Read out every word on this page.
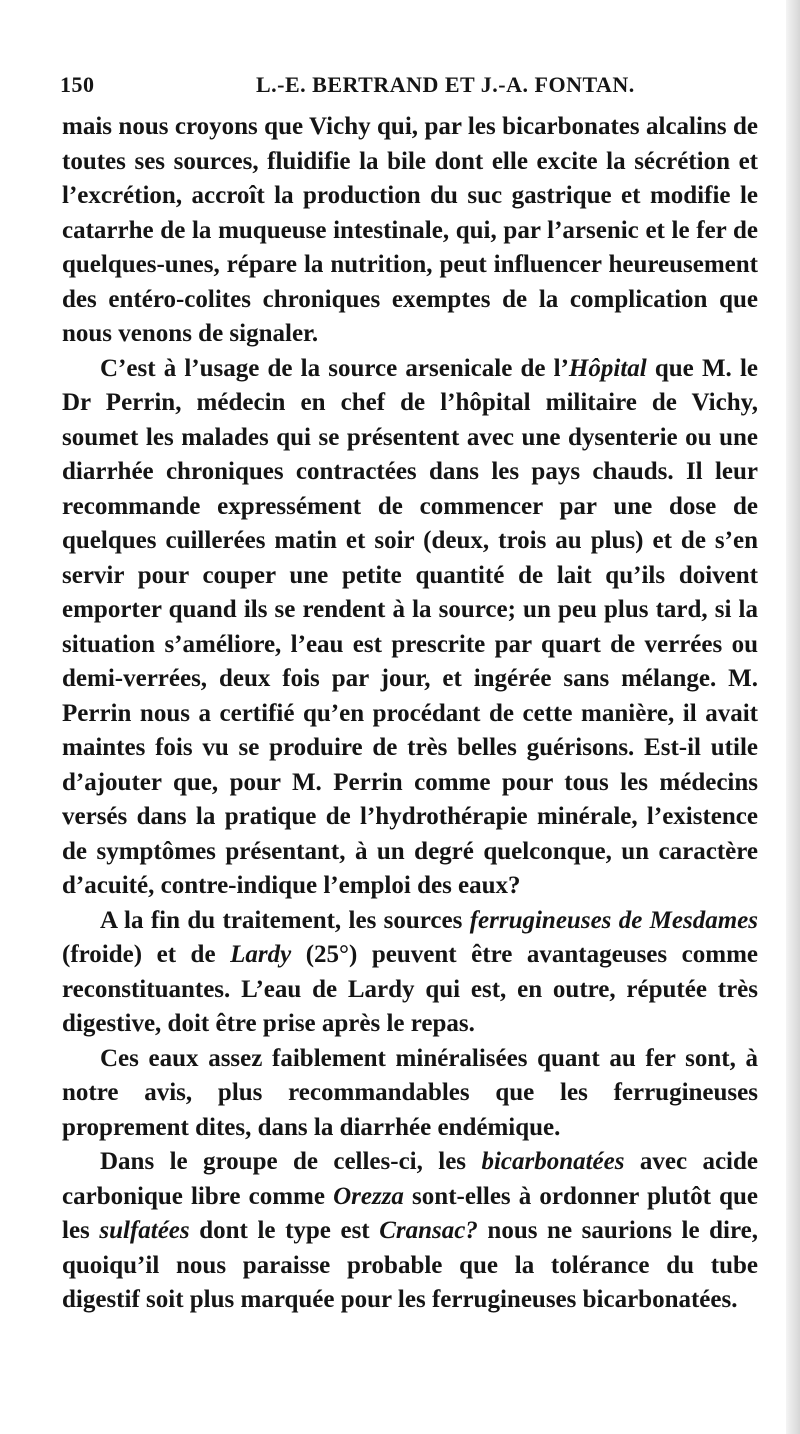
150	L.-E. BERTRAND ET J.-A. FONTAN.

mais nous croyons que Vichy qui, par les bicarbonates alcalins de toutes ses sources, fluidifie la bile dont elle excite la sécrétion et l’excrétion, accroît la production du suc gastrique et modifie le catarrhe de la muqueuse intestinale, qui, par l’arsenic et le fer de quelques-unes, répare la nutrition, peut influencer heureusement des entéro-colites chroniques exemptes de la complication que nous venons de signaler.

C’est à l’usage de la source arsenicale de l’Hôpital que M. le Dr Perrin, médecin en chef de l’hôpital militaire de Vichy, soumet les malades qui se présentent avec une dysenterie ou une diarrhée chroniques contractées dans les pays chauds. Il leur recommande expressément de commencer par une dose de quelques cuillerées matin et soir (deux, trois au plus) et de s’en servir pour couper une petite quantité de lait qu’ils doivent emporter quand ils se rendent à la source; un peu plus tard, si la situation s’améliore, l’eau est prescrite par quart de verrées ou demi-verrées, deux fois par jour, et ingérée sans mélange. M. Perrin nous a certifié qu’en procédant de cette manière, il avait maintes fois vu se produire de très belles guérisons. Est-il utile d’ajouter que, pour M. Perrin comme pour tous les médecins versés dans la pratique de l’hydrothérapie minérale, l’existence de symptômes présentant, à un degré quelconque, un caractère d’acuité, contre-indique l’emploi des eaux?

A la fin du traitement, les sources ferrugineuses de Mesdames (froide) et de Lardy (25°) peuvent être avantageuses comme reconstituantes. L’eau de Lardy qui est, en outre, réputée très digestive, doit être prise après le repas.

Ces eaux assez faiblement minéralisées quant au fer sont, à notre avis, plus recommandables que les ferrugineuses proprement dites, dans la diarrhée endémique.

Dans le groupe de celles-ci, les bicarbonatées avec acide carbonique libre comme Orezza sont-elles à ordonner plutôt que les sulfatées dont le type est Cransac? nous ne saurions le dire, quoiqu’il nous paraisse probable que la tolérance du tube digestif soit plus marquée pour les ferrugineuses bicarbonatées.
